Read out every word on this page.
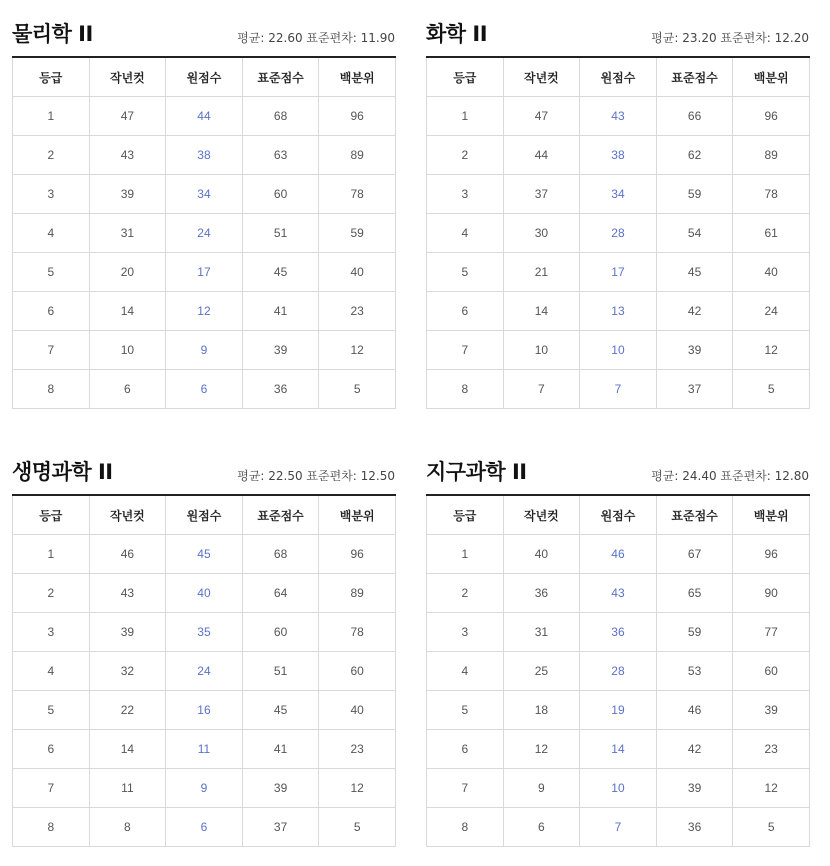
물리학 II	평균: 22.60 표준편차: 11.90
등급	작년컷	원점수	표준점수	백분위
1	47	44	68	96
2	43	38	63	89
3	39	34	60	78
4	31	24	51	59
5	20	17	45	40
6	14	12	41	23
7	10	9	39	12
8	6	6	36	5
화학 II	평균: 23.20 표준편차: 12.20
등급	작년컷	원점수	표준점수	백분위
1	47	43	66	96
2	44	38	62	89
3	37	34	59	78
4	30	28	54	61
5	21	17	45	40
6	14	13	42	24
7	10	10	39	12
8	7	7	37	5
생명과학 II	평균: 22.50 표준편차: 12.50
등급	작년컷	원점수	표준점수	백분위
1	46	45	68	96
2	43	40	64	89
3	39	35	60	78
4	32	24	51	60
5	22	16	45	40
6	14	11	41	23
7	11	9	39	12
8	8	6	37	5
지구과학 II	평균: 24.40 표준편차: 12.80
등급	작년컷	원점수	표준점수	백분위
1	40	46	67	96
2	36	43	65	90
3	31	36	59	77
4	25	28	53	60
5	18	19	46	39
6	12	14	42	23
7	9	10	39	12
8	6	7	36	5
